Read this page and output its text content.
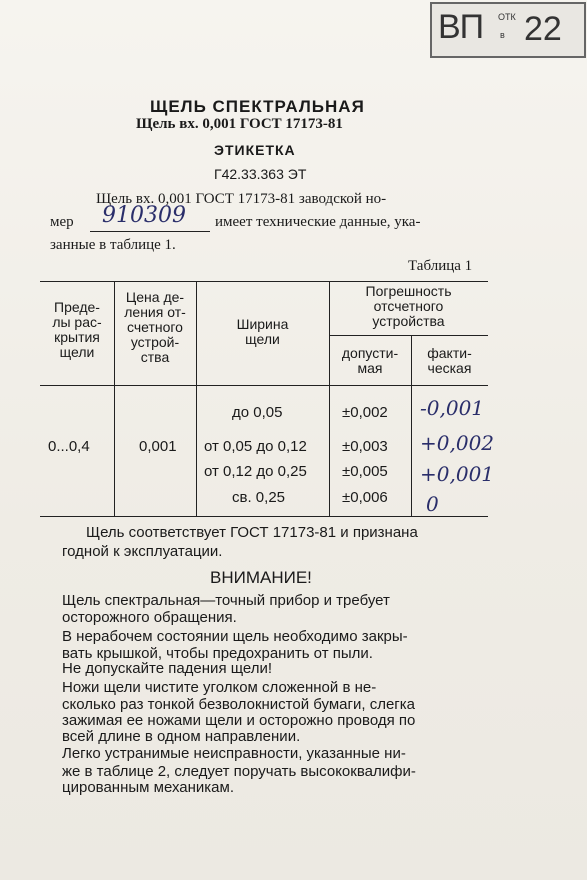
ВП ОТК
в 22
ЩЕЛЬ СПЕКТРАЛЬНАЯ
Щель вх. 0,001 ГОСТ 17173-81
ЭТИКЕТКА
Г42.33.363 ЭТ
Щель вх. 0,001 ГОСТ 17173-81 заводской но-
мер 910309 имеет технические данные, ука-
занные в таблице 1.
Таблица 1
Преде-
лы рас-
крытия
щели
Цена де-
ления от-
счетного
устрой-
ства
Ширина
щели
Погрешность
отсчетного
устройства
допусти-
мая
факти-
ческая
0...0,4	0,001
до 0,05
от 0,05 до 0,12
от 0,12 до 0,25
св. 0,25
±0,002
±0,003
±0,005
±0,006
-0,001
+0,002
+0,001
0
Щель соответствует ГОСТ 17173-81 и признана
годной к эксплуатации.
ВНИМАНИЕ!
Щель спектральная—точный прибор и требует
осторожного обращения.
В нерабочем состоянии щель необходимо закры-
вать крышкой, чтобы предохранить от пыли.
Не допускайте падения щели!
Ножи щели чистите уголком сложенной в не-
сколько раз тонкой безволокнистой бумаги, слегка
зажимая ее ножами щели и осторожно проводя по
всей длине в одном направлении.
Легко устранимые неисправности, указанные ни-
же в таблице 2, следует поручать высококвалифи-
цированным механикам.
